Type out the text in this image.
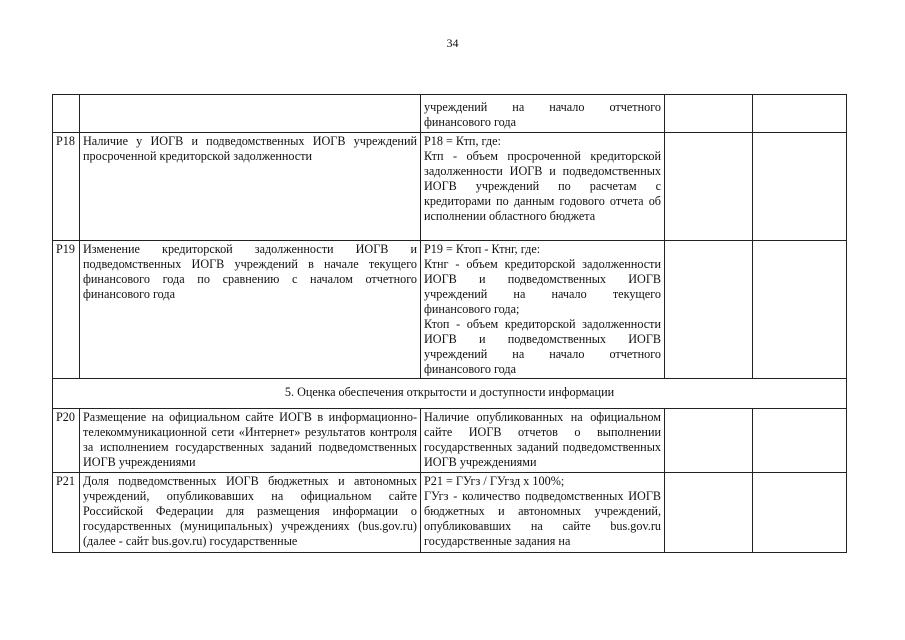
34

		учреждений на начало отчетного
финансового года		

Р18	Наличие у ИОГВ и подведомственных ИОГВ учреждений просроченной кредиторской задолженности	Р18 = Ктп, где:
Ктп - объем просроченной кредиторской задолженности ИОГВ и подведомственных ИОГВ учреждений по расчетам с кредиторами по данным годового отчета об исполнении областного бюджета		

Р19	Изменение кредиторской задолженности ИОГВ и подведомственных ИОГВ учреждений в начале текущего финансового года по сравнению с началом отчетного финансового года	Р19 = Ктоп - Ктнг, где:
Ктнг - объем кредиторской задолженности ИОГВ и подведомственных ИОГВ учреждений на начало текущего финансового года;
Ктоп - объем кредиторской задолженности ИОГВ и подведомственных ИОГВ учреждений на начало отчетного финансового года		

5. Оценка обеспечения открытости и доступности информации				
Р20	Размещение на официальном сайте ИОГВ в информационно-телекоммуникационной сети «Интернет» результатов контроля за исполнением государственных заданий подведомственных ИОГВ учреждениями	Наличие опубликованных на официальном сайте ИОГВ отчетов о выполнении государственных заданий подведомственных ИОГВ учреждениями		

Р21	Доля подведомственных ИОГВ бюджетных и автономных учреждений, опубликовавших на официальном сайте Российской Федерации для размещения информации о государственных (муниципальных) учреждениях (bus.gov.ru) (далее - сайт bus.gov.ru) государственные	Р21 = ГУгз / ГУгзд х 100%;
ГУгз - количество подведомственных ИОГВ бюджетных и автономных учреждений, опубликовавших на сайте bus.gov.ru государственные задания на		
